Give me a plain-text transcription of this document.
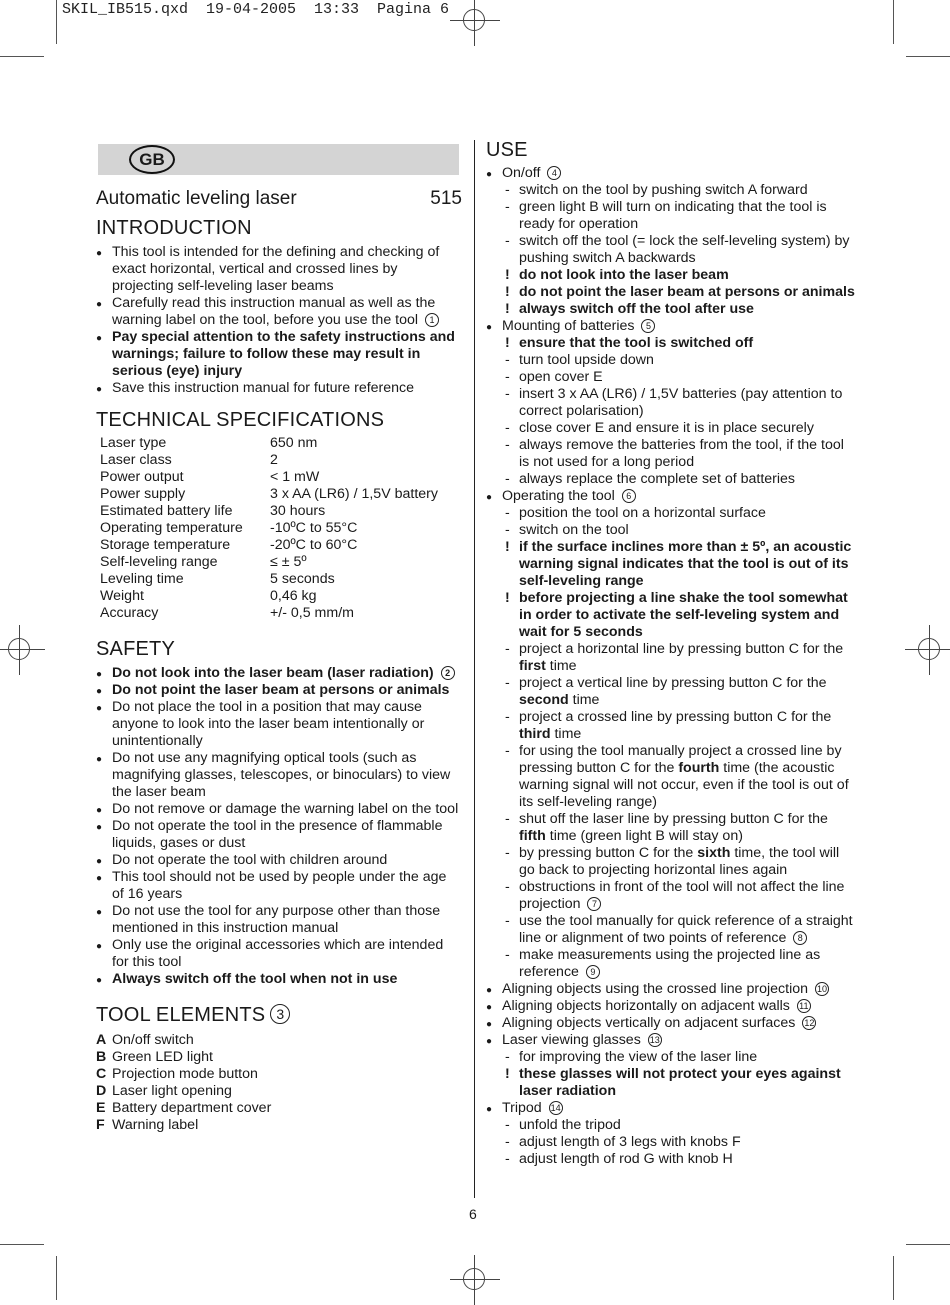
SKIL_IB515.qxd  19-04-2005  13:33  Pagina 6
GB
Automatic leveling laser	515
INTRODUCTION
● This tool is intended for the defining and checking of exact horizontal, vertical and crossed lines by projecting self-leveling laser beams
● Carefully read this instruction manual as well as the warning label on the tool, before you use the tool 1
● Pay special attention to the safety instructions and warnings; failure to follow these may result in serious (eye) injury
● Save this instruction manual for future reference
TECHNICAL SPECIFICATIONS
Laser type	650 nm
Laser class	2
Power output	< 1 mW
Power supply	3 x AA (LR6) / 1,5V battery
Estimated battery life	30 hours
Operating temperature	-10ºC to 55°C
Storage temperature	-20ºC to 60°C
Self-leveling range	≤ ± 5º
Leveling time	5 seconds
Weight	0,46 kg
Accuracy	+/- 0,5 mm/m
SAFETY
● Do not look into the laser beam (laser radiation) 2
● Do not point the laser beam at persons or animals
● Do not place the tool in a position that may cause anyone to look into the laser beam intentionally or unintentionally
● Do not use any magnifying optical tools (such as magnifying glasses, telescopes, or binoculars) to view the laser beam
● Do not remove or damage the warning label on the tool
● Do not operate the tool in the presence of flammable liquids, gases or dust
● Do not operate the tool with children around
● This tool should not be used by people under the age of 16 years
● Do not use the tool for any purpose other than those mentioned in this instruction manual
● Only use the original accessories which are intended for this tool
● Always switch off the tool when not in use
TOOL ELEMENTS 3
A On/off switch
B Green LED light
C Projection mode button
D Laser light opening
E Battery department cover
F Warning label
USE
● On/off 4
- switch on the tool by pushing switch A forward
- green light B will turn on indicating that the tool is ready for operation
- switch off the tool (= lock the self-leveling system) by pushing switch A backwards
! do not look into the laser beam
! do not point the laser beam at persons or animals
! always switch off the tool after use
● Mounting of batteries 5
! ensure that the tool is switched off
- turn tool upside down
- open cover E
- insert 3 x AA (LR6) / 1,5V batteries (pay attention to correct polarisation)
- close cover E and ensure it is in place securely
- always remove the batteries from the tool, if the tool is not used for a long period
- always replace the complete set of batteries
● Operating the tool 6
- position the tool on a horizontal surface
- switch on the tool
! if the surface inclines more than ± 5º, an acoustic warning signal indicates that the tool is out of its self-leveling range
! before projecting a line shake the tool somewhat in order to activate the self-leveling system and wait for 5 seconds
- project a horizontal line by pressing button C for the first time
- project a vertical line by pressing button C for the second time
- project a crossed line by pressing button C for the third time
- for using the tool manually project a crossed line by pressing button C for the fourth time (the acoustic warning signal will not occur, even if the tool is out of its self-leveling range)
- shut off the laser line by pressing button C for the fifth time (green light B will stay on)
- by pressing button C for the sixth time, the tool will go back to projecting horizontal lines again
- obstructions in front of the tool will not affect the line projection 7
- use the tool manually for quick reference of a straight line or alignment of two points of reference 8
- make measurements using the projected line as reference 9
● Aligning objects using the crossed line projection 10
● Aligning objects horizontally on adjacent walls 11
● Aligning objects vertically on adjacent surfaces 12
● Laser viewing glasses 13
- for improving the view of the laser line
! these glasses will not protect your eyes against laser radiation
● Tripod 14
- unfold the tripod
- adjust length of 3 legs with knobs F
- adjust length of rod G with knob H
6
